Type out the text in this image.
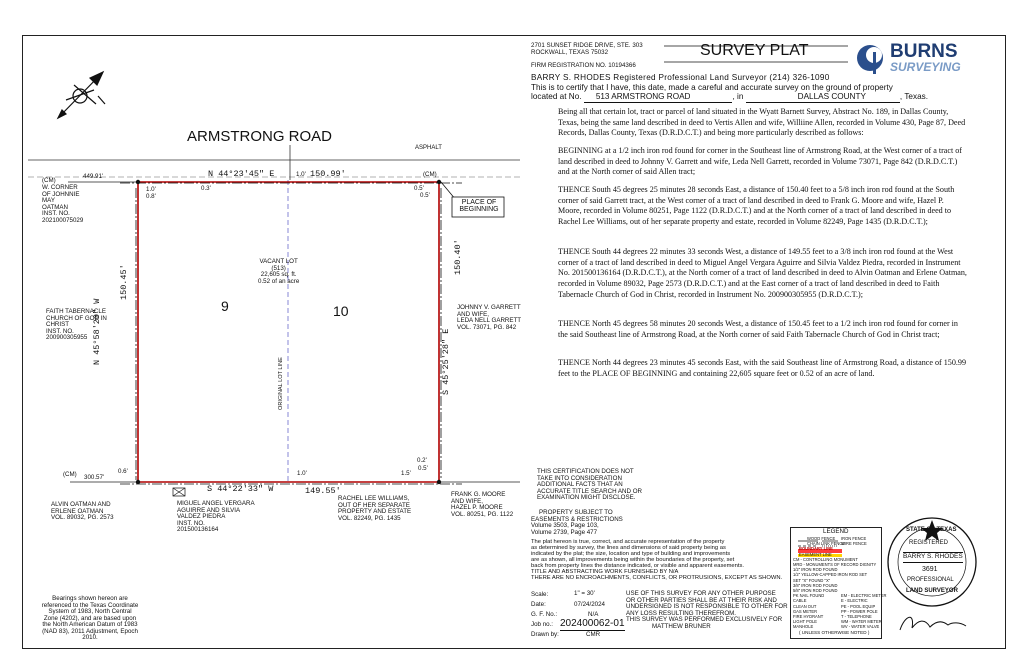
ASPHALT
ARMSTRONG ROAD
N 44°23'45" E	150.99'
S 44°22'33" W	149.55'
N 45°58'20" W
150.45'
S 45°25'28" E
150.40'
9	10
VACANT LOT
(513)
22,605 sq. ft.
0.52 of an acre
ORIGINAL LOT LINE
PLACE OF
BEGINNING
(CM)
(CM)
(CM)
449.91'
300.57'
1.0'
0.8'
0.3'
1.0'
0.5'
0.5'
0.2'
0.5'
1.5'
1.0'
0.6'
W. CORNER
OF JOHNNIE
MAY
OATMAN
INST. NO.
202100075029
FAITH TABERNACLE
CHURCH OF GOD IN
CHRIST
INST. NO.
200900305955
JOHNNY V. GARRETT
AND WIFE,
LEDA NELL GARRETT
VOL. 73071, PG. 842
ALVIN OATMAN AND
ERLENE OATMAN
VOL. 89032, PG. 2573
MIGUEL ANGEL VERGARA
AGUIRRE AND SILVIA
VALDEZ PIEDRA
INST. NO.
201500136164
RACHEL LEE WILLIAMS,
OUT OF HER SEPARATE
PROPERTY AND ESTATE
VOL. 82249, PG. 1435
FRANK G. MOORE
AND WIFE,
HAZEL P. MOORE
VOL. 80251, PG. 1122
Bearings shown hereon are
referenced to the Texas Coordinate
System of 1983, North Central
Zone (4202), and are based upon
the North American Datum of 1983
(NAD 83), 2011 Adjustment, Epoch
2010.
2701 SUNSET RIDGE DRIVE, STE. 303
ROCKWALL, TEXAS 75032
FIRM REGISTRATION NO. 10194366
SURVEY PLAT	BURNS
SURVEYING
BARRY S. RHODES Registered Professional Land Surveyor (214) 326-1090
This is to certify that I have, this date, made a careful and accurate survey on the ground of property
located at No. 513 ARMSTRONG ROAD	, in	DALLAS COUNTY	, Texas.
Being all that certain lot, tract or parcel of land situated in the Wyatt Barnett Survey, Abstract No. 189, in Dallas County, Texas, being the same land described in deed to Vertis Allen and wife, Williine Allen, recorded in Volume 430, Page 87, Deed Records, Dallas County, Texas (D.R.D.C.T.) and being more particularly described as follows:
BEGINNING at a 1/2 inch iron rod found for corner in the Southeast line of Armstrong Road, at the West corner of a tract of land described in deed to Johnny V. Garrett and wife, Leda Nell Garrett, recorded in Volume 73071, Page 842 (D.R.D.C.T.) and at the North corner of said Allen tract;
THENCE South 45 degrees 25 minutes 28 seconds East, a distance of 150.40 feet to a 5/8 inch iron rod found at the South corner of said Garrett tract, at the West corner of a tract of land described in deed to Frank G. Moore and wife, Hazel P. Moore, recorded in Volume 80251, Page 1122 (D.R.D.C.T.) and at the North corner of a tract of land described in deed to Rachel Lee Williams, out of her separate property and estate, recorded in Volume 82249, Page 1435 (D.R.D.C.T.);
THENCE South 44 degrees 22 minutes 33 seconds West, a distance of 149.55 feet to a 3/8 inch iron rod found at the West corner of a tract of land described in deed to Miguel Angel Vergara Aguirre and Silvia Valdez Piedra, recorded in Instrument No. 201500136164 (D.R.D.C.T.), at the North corner of a tract of land described in deed to Alvin Oatman and Erlene Oatman, recorded in Volume 89032, Page 2573 (D.R.D.C.T.) and at the East corner of a tract of land described in deed to Faith Tabernacle Church of God in Christ, recorded in Instrument No. 200900305955 (D.R.D.C.T.);
THENCE North 45 degrees 58 minutes 20 seconds West, a distance of 150.45 feet to a 1/2 inch iron rod found for corner in the said Southeast line of Armstrong Road, at the North corner of said Faith Tabernacle Church of God in Christ tract;
THENCE North 44 degrees 23 minutes 45 seconds East, with the said Southeast line of Armstrong Road, a distance of 150.99 feet to the PLACE OF BEGINNING and containing 22,605 square feet or 0.52 of an acre of land.
THIS CERTIFICATION DOES NOT
TAKE INTO CONSIDERATION
ADDITIONAL FACTS THAT AN
ACCURATE TITLE SEARCH AND OR
EXAMINATION MIGHT DISCLOSE.
PROPERTY SUBJECT TO
EASEMENTS & RESTRICTIONS
Volume 3503, Page 103,
Volume 2739, Page 477
The plat hereon is true, correct, and accurate representation of the property
as determined by survey, the lines and dimensions of said property being as
indicated by the plat; the size, location and type of building and improvements
are as shown, all improvements being within the boundaries of the property, set
back from property lines the distance indicated, or visible and apparent easements.
TITLE AND ABSTRACTING WORK FURNISHED BY N/A
THERE ARE NO ENCROACHMENTS, CONFLICTS, OR PROTRUSIONS, EXCEPT AS SHOWN.
Scale:	1" = 30'
Date:	07/24/2024
G. F. No.:	N/A
Job no.: 202400062-01
Drawn by:	CMR
USE OF THIS SURVEY FOR ANY OTHER PURPOSE
OR OTHER PARTIES SHALL BE AT THEIR RISK AND
UNDERSIGNED IS NOT RESPONSIBLE TO OTHER FOR
ANY LOSS RESULTING THEREFROM.
THIS SURVEY WAS PERFORMED EXCLUSIVELY FOR
MATTHEW BRUNER
LEGEND
WOOD FENCE
CHAIN LINK FENCE
BOUNDARY LINE
EASEMENT LINE
CM - CONTROLLING MONUMENT
MRD - MONUMENTS OF RECORD DIGNITY
1/2" IRON ROD FOUND
1/2" YELLOW-CAPPED IRON ROD SET
SET "X" FOUND "X"
3/8" IRON ROD FOUND
5/8" IRON ROD FOUND
PK NAIL FOUND
CABLE
CLEAN OUT
GAS METER
FIRE HYDRANT
LIGHT POLE
MANHOLE
IRON FENCE
WIRE FENCE

EM - ELECTRIC METER
E - ELECTRIC
PE - POOL EQUIP
PP - POWER POLE
T - TELEPHONE
WM - WATER METER
WV - WATER VALVE
( UNLESS OTHERWISE NOTED )
STATE OF TEXAS
REGISTERED
BARRY S. RHODES
3691
PROFESSIONAL
LAND SURVEYOR
